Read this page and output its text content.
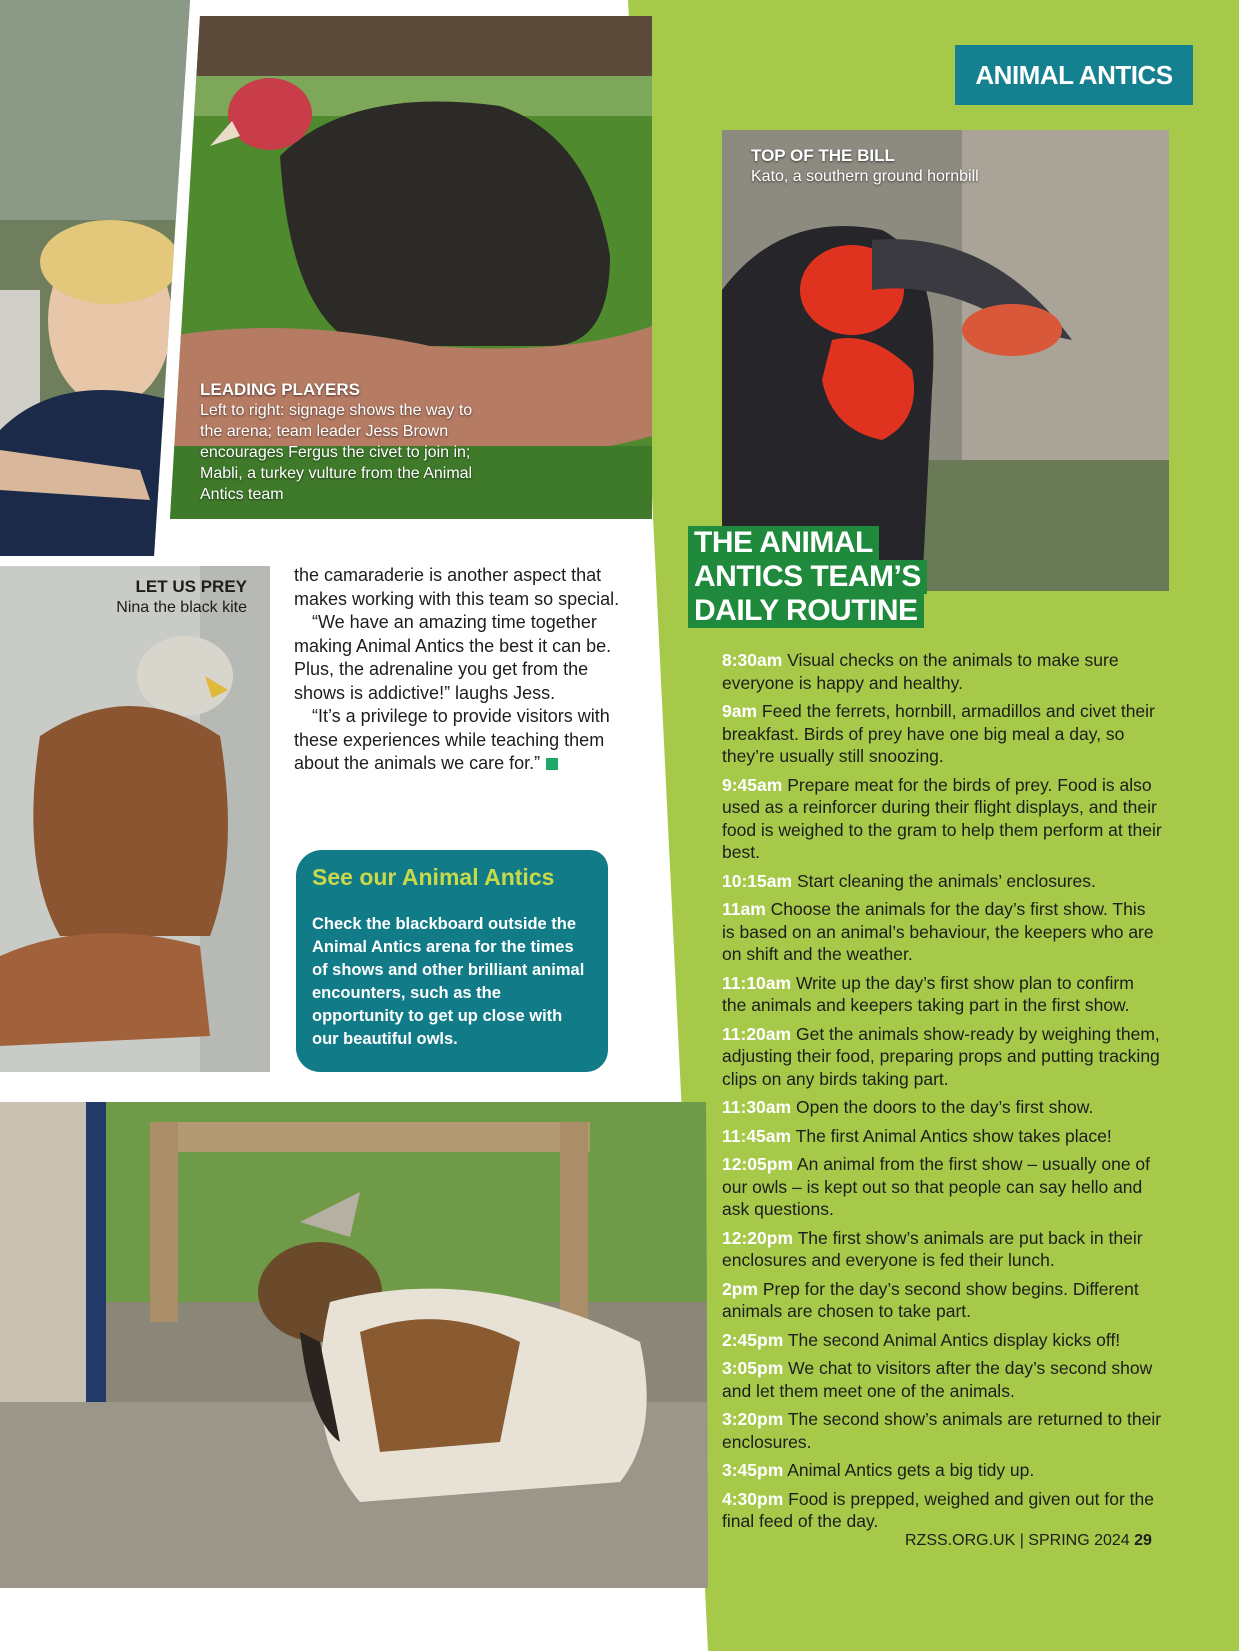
LEADING PLAYERS
Left to right: signage shows the way to the arena; team leader Jess Brown encourages Fergus the civet to join in; Mabli, a turkey vulture from the Animal Antics team
ANIMAL ANTICS
TOP OF THE BILL
Kato, a southern ground hornbill
LET US PREY
Nina the black kite

the camaraderie is another aspect that makes working with this team so special.

“We have an amazing time together making Animal Antics the best it can be. Plus, the adrenaline you get from the shows is addictive!” laughs Jess.

“It’s a privilege to provide visitors with these experiences while teaching them about the animals we care for.”

See our Animal Antics

Check the blackboard outside the Animal Antics arena for the times of shows and other brilliant animal encounters, such as the opportunity to get up close with our beautiful owls.

THE ANIMAL
ANTICS TEAM’S
DAILY ROUTINE
8:30am Visual checks on the animals to make sure everyone is happy and healthy.
9am Feed the ferrets, hornbill, armadillos and civet their breakfast. Birds of prey have one big meal a day, so they’re usually still snoozing.
9:45am Prepare meat for the birds of prey. Food is also used as a reinforcer during their flight displays, and their food is weighed to the gram to help them perform at their best.
10:15am Start cleaning the animals’ enclosures.
11am Choose the animals for the day’s first show. This is based on an animal’s behaviour, the keepers who are on shift and the weather.
11:10am Write up the day’s first show plan to confirm the animals and keepers taking part in the first show.
11:20am Get the animals show-ready by weighing them, adjusting their food, preparing props and putting tracking clips on any birds taking part.
11:30am Open the doors to the day’s first show.
11:45am The first Animal Antics show takes place!
12:05pm An animal from the first show – usually one of our owls – is kept out so that people can say hello and ask questions.
12:20pm The first show’s animals are put back in their enclosures and everyone is fed their lunch.
2pm Prep for the day’s second show begins. Different animals are chosen to take part.
2:45pm The second Animal Antics display kicks off!
3:05pm We chat to visitors after the day’s second show and let them meet one of the animals.
3:20pm The second show’s animals are returned to their enclosures.
3:45pm Animal Antics gets a big tidy up.
4:30pm Food is prepped, weighed and given out for the final feed of the day.
RZSS.ORG.UK | SPRING 2024 29
